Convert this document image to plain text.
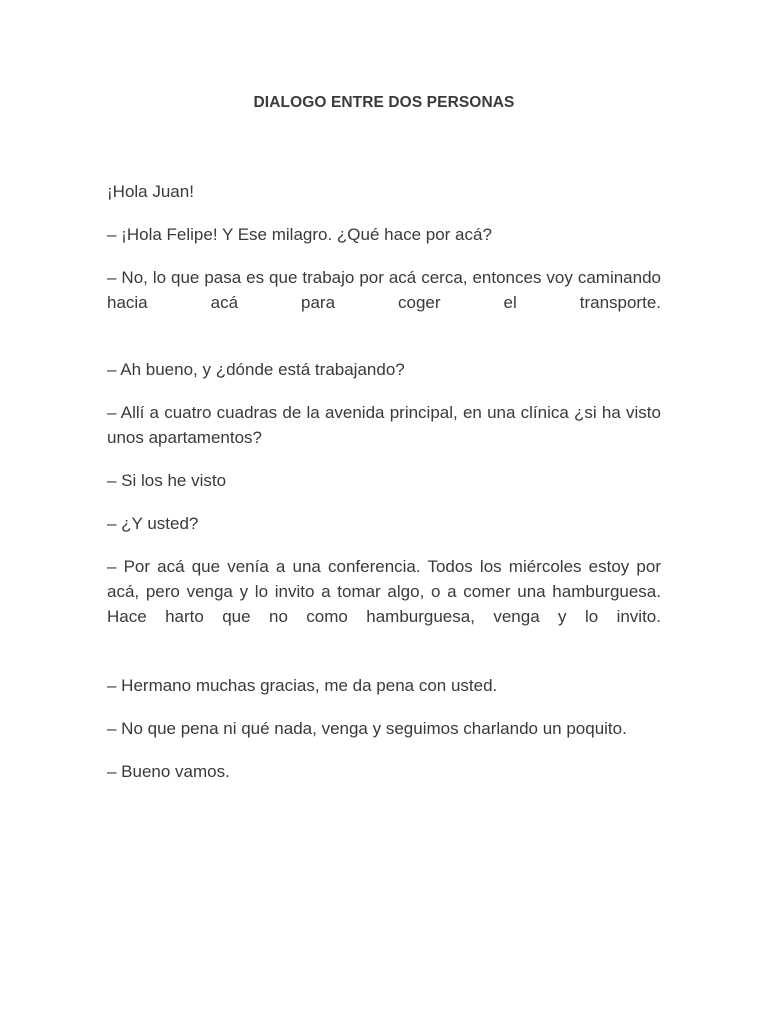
DIALOGO ENTRE DOS PERSONAS

¡Hola Juan!

– ¡Hola Felipe! Y Ese milagro. ¿Qué hace por acá?

– No, lo que pasa es que trabajo por acá cerca, entonces voy caminando hacia acá para coger el transporte.

– Ah bueno, y ¿dónde está trabajando?

– Allí a cuatro cuadras de la avenida principal, en una clínica ¿si ha visto unos apartamentos?

– Si los he visto

– ¿Y usted?

– Por acá que venía a una conferencia. Todos los miércoles estoy por acá, pero venga y lo invito a tomar algo, o a comer una hamburguesa. Hace harto que no como hamburguesa, venga y lo invito.

– Hermano muchas gracias, me da pena con usted.

– No que pena ni qué nada, venga y seguimos charlando un poquito.

– Bueno vamos.
